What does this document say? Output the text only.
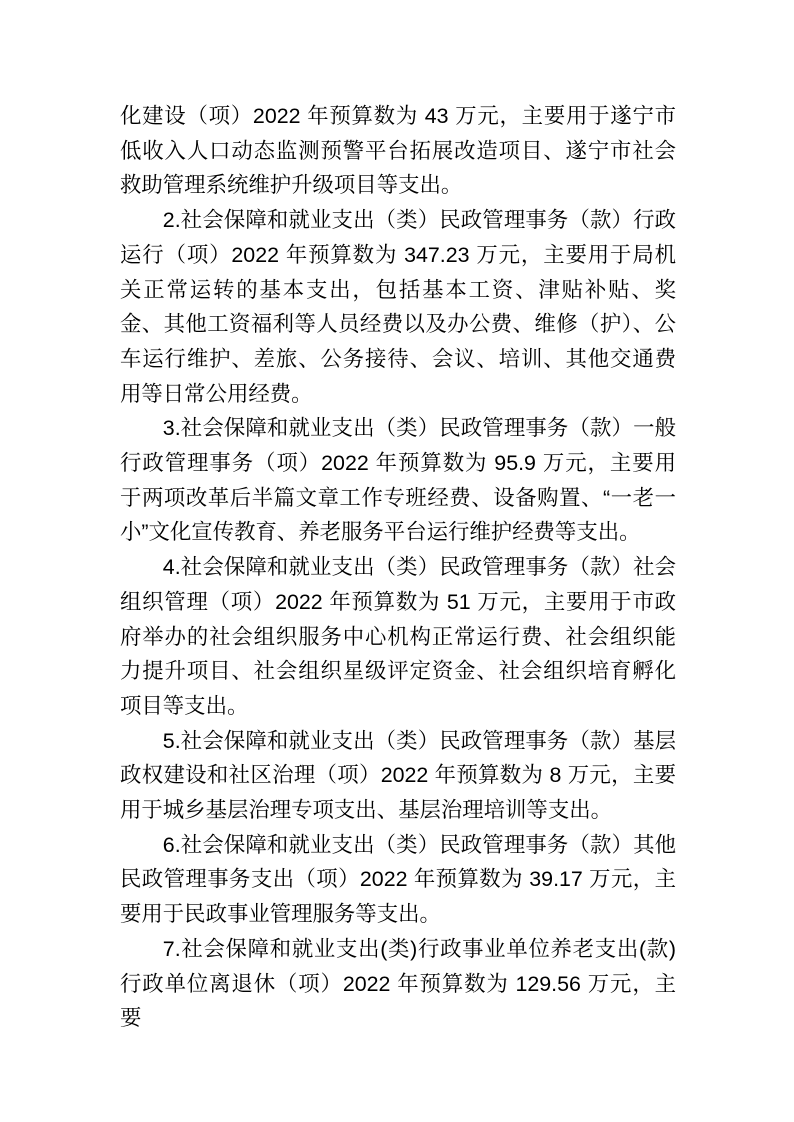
化建设（项）2022 年预算数为 43 万元，主要用于遂宁市低收入人口动态监测预警平台拓展改造项目、遂宁市社会救助管理系统维护升级项目等支出。

2.社会保障和就业支出（类）民政管理事务（款）行政运行（项）2022 年预算数为 347.23 万元，主要用于局机关正常运转的基本支出，包括基本工资、津贴补贴、奖金、其他工资福利等人员经费以及办公费、维修（护）、公车运行维护、差旅、公务接待、会议、培训、其他交通费用等日常公用经费。

3.社会保障和就业支出（类）民政管理事务（款）一般行政管理事务（项）2022 年预算数为 95.9 万元，主要用于两项改革后半篇文章工作专班经费、设备购置、“一老一小”文化宣传教育、养老服务平台运行维护经费等支出。

4.社会保障和就业支出（类）民政管理事务（款）社会组织管理（项）2022 年预算数为 51 万元，主要用于市政府举办的社会组织服务中心机构正常运行费、社会组织能力提升项目、社会组织星级评定资金、社会组织培育孵化项目等支出。

5.社会保障和就业支出（类）民政管理事务（款）基层政权建设和社区治理（项）2022 年预算数为 8 万元，主要用于城乡基层治理专项支出、基层治理培训等支出。

6.社会保障和就业支出（类）民政管理事务（款）其他民政管理事务支出（项）2022 年预算数为 39.17 万元，主要用于民政事业管理服务等支出。

7.社会保障和就业支出(类)行政事业单位养老支出(款)行政单位离退休（项）2022 年预算数为 129.56 万元，主要
